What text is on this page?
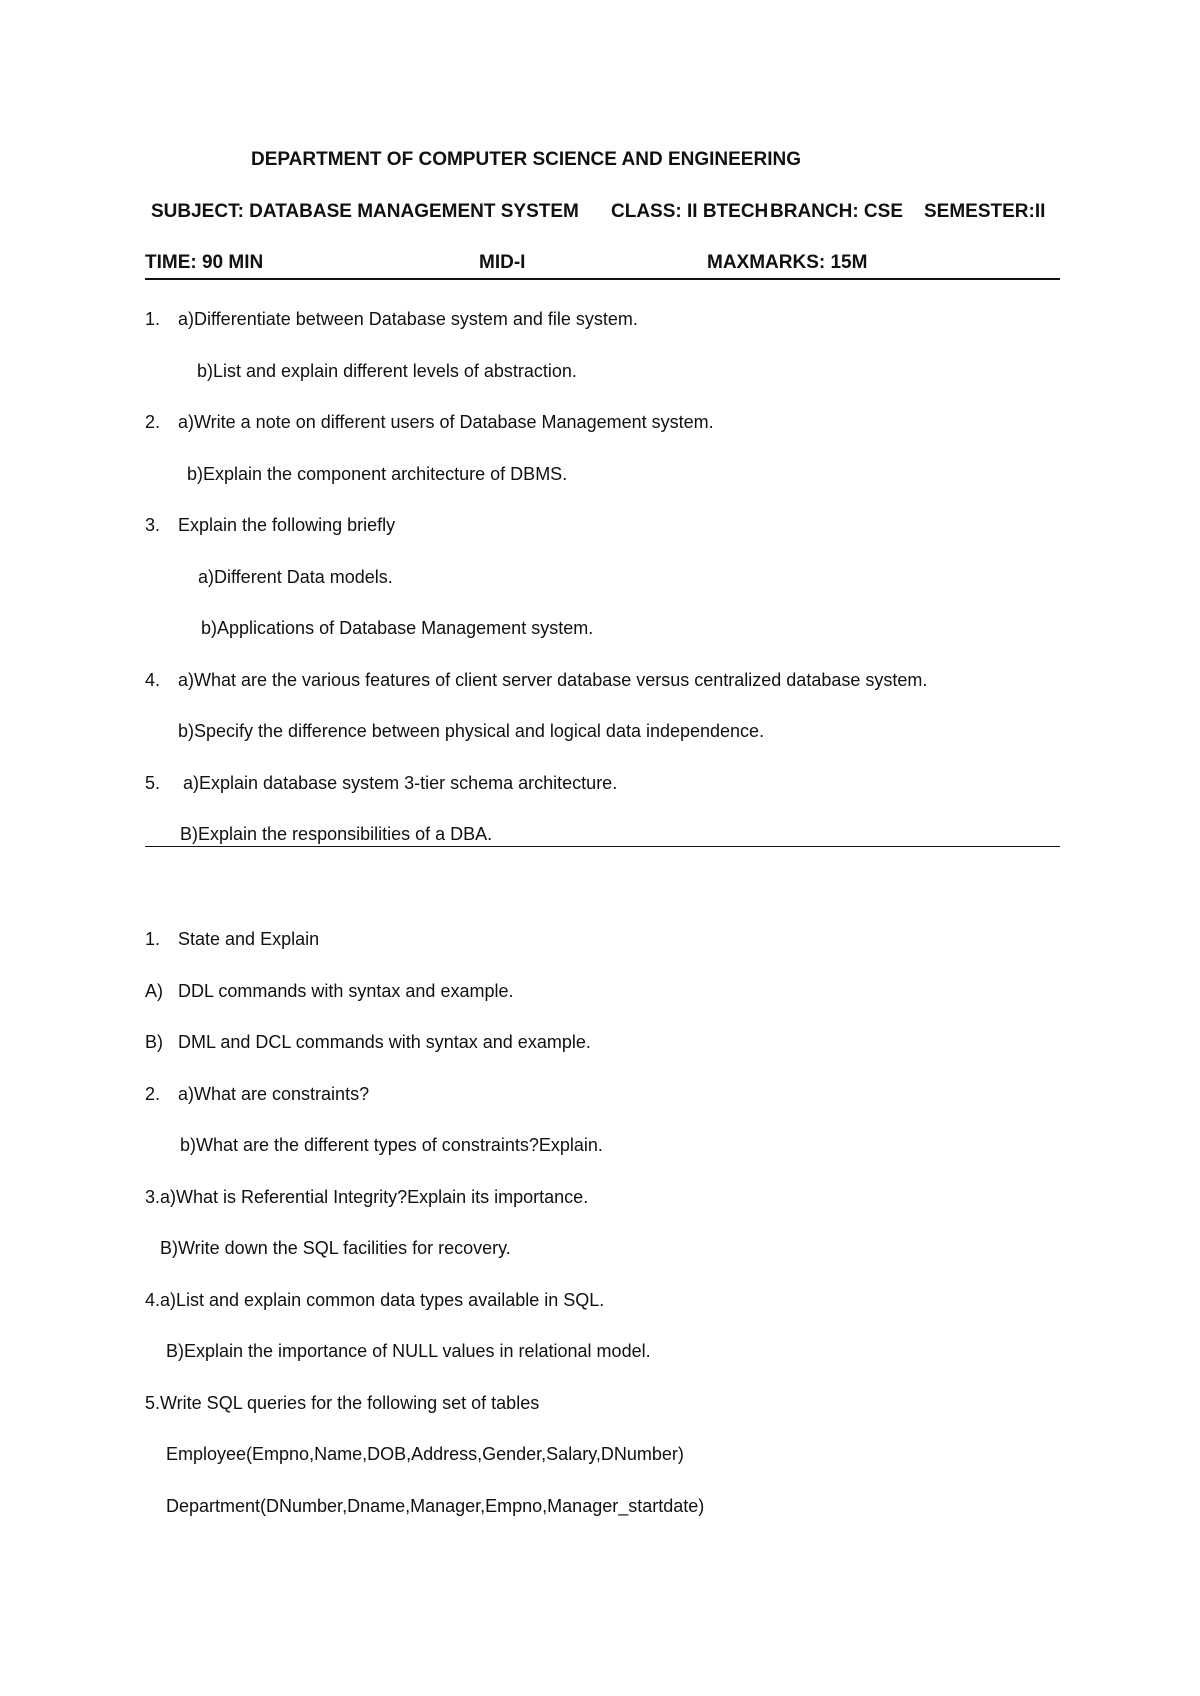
DEPARTMENT OF COMPUTER SCIENCE AND ENGINEERING
SUBJECT: DATABASE MANAGEMENT SYSTEM CLASS: II BTECH BRANCH: CSE SEMESTER:II
TIME: 90 MIN	MID-I	MAXMARKS: 15M
1. a)Differentiate between Database system and file system.
b)List and explain different levels of abstraction.
2. a)Write a note on different users of Database Management system.
b)Explain the component architecture of DBMS.
3. Explain the following briefly
a)Different Data models.
b)Applications of Database Management system.
4. a)What are the various features of client server database versus centralized database system.
b)Specify the difference between physical and logical data independence.
5. a)Explain database system 3-tier schema architecture.
B)Explain the responsibilities of a DBA.
1. State and Explain
A) DDL commands with syntax and example.
B) DML and DCL commands with syntax and example.
2. a)What are constraints?
b)What are the different types of constraints?Explain.
3.a)What is Referential Integrity?Explain its importance.
B)Write down the SQL facilities for recovery.
4.a)List and explain common data types available in SQL.
B)Explain the importance of NULL values in relational model.
5.Write SQL queries for the following set of tables
Employee(Empno,Name,DOB,Address,Gender,Salary,DNumber)
Department(DNumber,Dname,Manager,Empno,Manager_startdate)
